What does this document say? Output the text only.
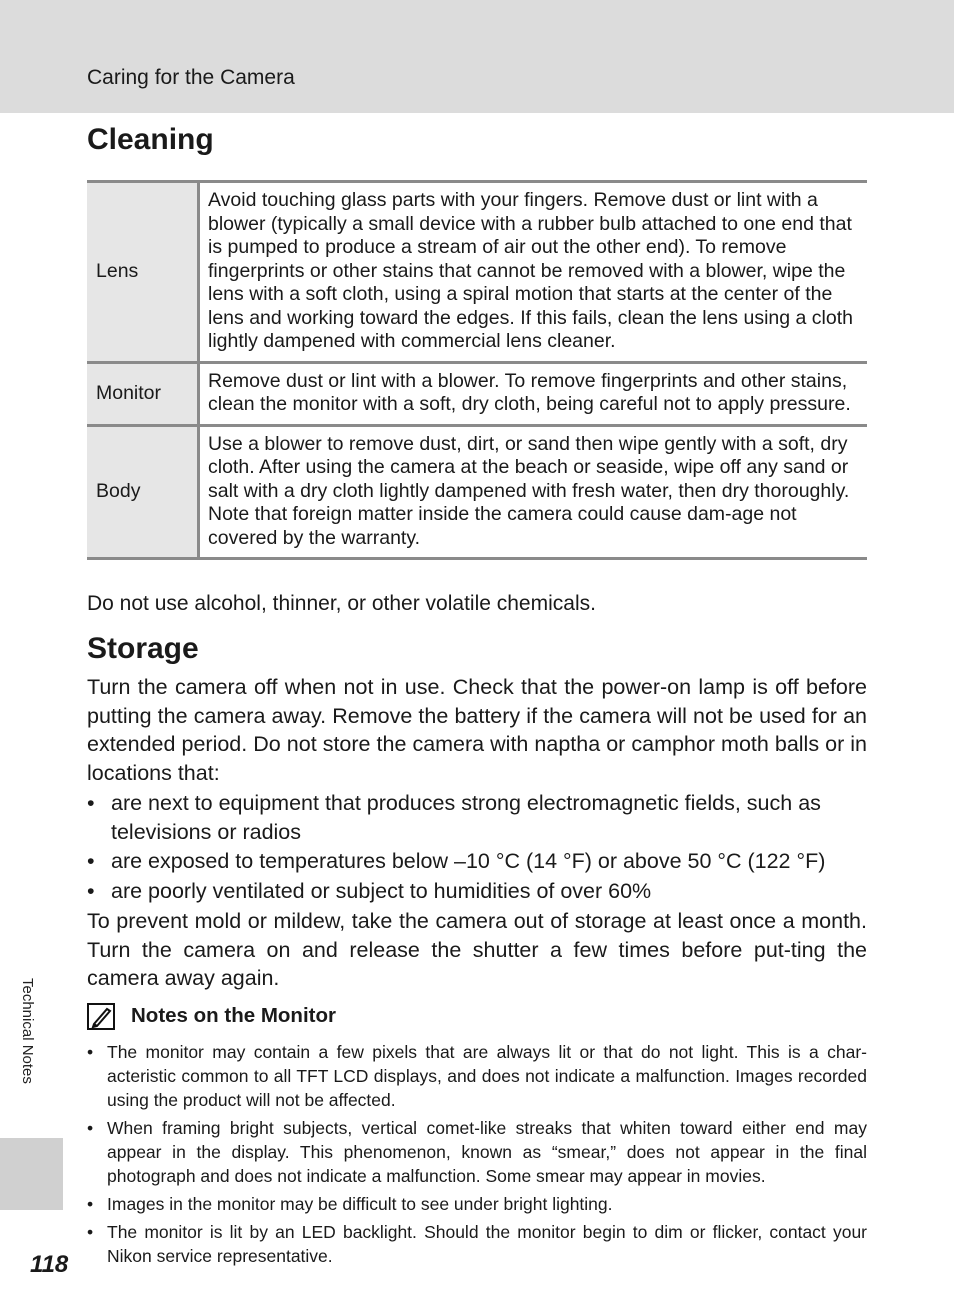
Caring for the Camera
Cleaning
Lens	Avoid touching glass parts with your fingers. Remove dust or lint with a blower (typically a small device with a rubber bulb attached to one end that is pumped to produce a stream of air out the other end). To remove fingerprints or other stains that cannot be removed with a blower, wipe the lens with a soft cloth, using a spiral motion that starts at the center of the lens and working toward the edges. If this fails, clean the lens using a cloth lightly dampened with commercial lens cleaner.
Monitor	Remove dust or lint with a blower. To remove fingerprints and other stains, clean the monitor with a soft, dry cloth, being careful not to apply pressure.
Body	Use a blower to remove dust, dirt, or sand then wipe gently with a soft, dry cloth. After using the camera at the beach or seaside, wipe off any sand or salt with a dry cloth lightly dampened with fresh water, then dry thoroughly. Note that foreign matter inside the camera could cause dam-age not covered by the warranty.
Do not use alcohol, thinner, or other volatile chemicals.
Storage

Turn the camera off when not in use. Check that the power-on lamp is off before putting the camera away. Remove the battery if the camera will not be used for an extended period. Do not store the camera with naptha or camphor moth balls or in locations that:

• are next to equipment that produces strong electromagnetic fields, such as televisions or radios
• are exposed to temperatures below –10 °C (14 °F) or above 50 °C (122 °F)
• are poorly ventilated or subject to humidities of over 60%

To prevent mold or mildew, take the camera out of storage at least once a month. Turn the camera on and release the shutter a few times before put-ting the camera away again.

Notes on the Monitor
• The monitor may contain a few pixels that are always lit or that do not light. This is a char-acteristic common to all TFT LCD displays, and does not indicate a malfunction. Images recorded using the product will not be affected.
• When framing bright subjects, vertical comet-like streaks that whiten toward either end may appear in the display. This phenomenon, known as “smear,” does not appear in the final photograph and does not indicate a malfunction. Some smear may appear in movies.
• Images in the monitor may be difficult to see under bright lighting.
• The monitor is lit by an LED backlight. Should the monitor begin to dim or flicker, contact your Nikon service representative.
Technical Notes
118
